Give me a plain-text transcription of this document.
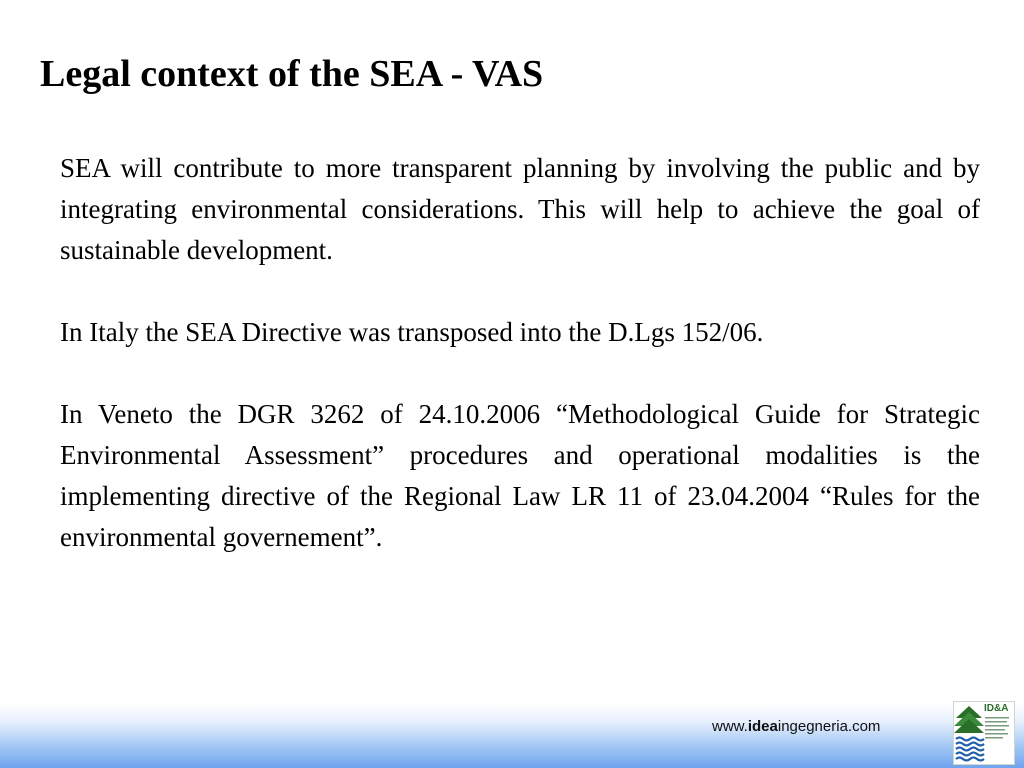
Legal context of the SEA - VAS

SEA will contribute to more transparent planning by involving the public and by integrating environmental considerations. This will help to achieve the goal of sustainable development.

In Italy the SEA Directive was transposed into the D.Lgs 152/06.

In Veneto the DGR 3262 of 24.10.2006 “Methodological Guide for Strategic Environmental Assessment” procedures and operational modalities is the implementing directive of the Regional Law LR 11 of 23.04.2004 “Rules for the environmental governement”.

www.ideaingegneria.com
ID&A
